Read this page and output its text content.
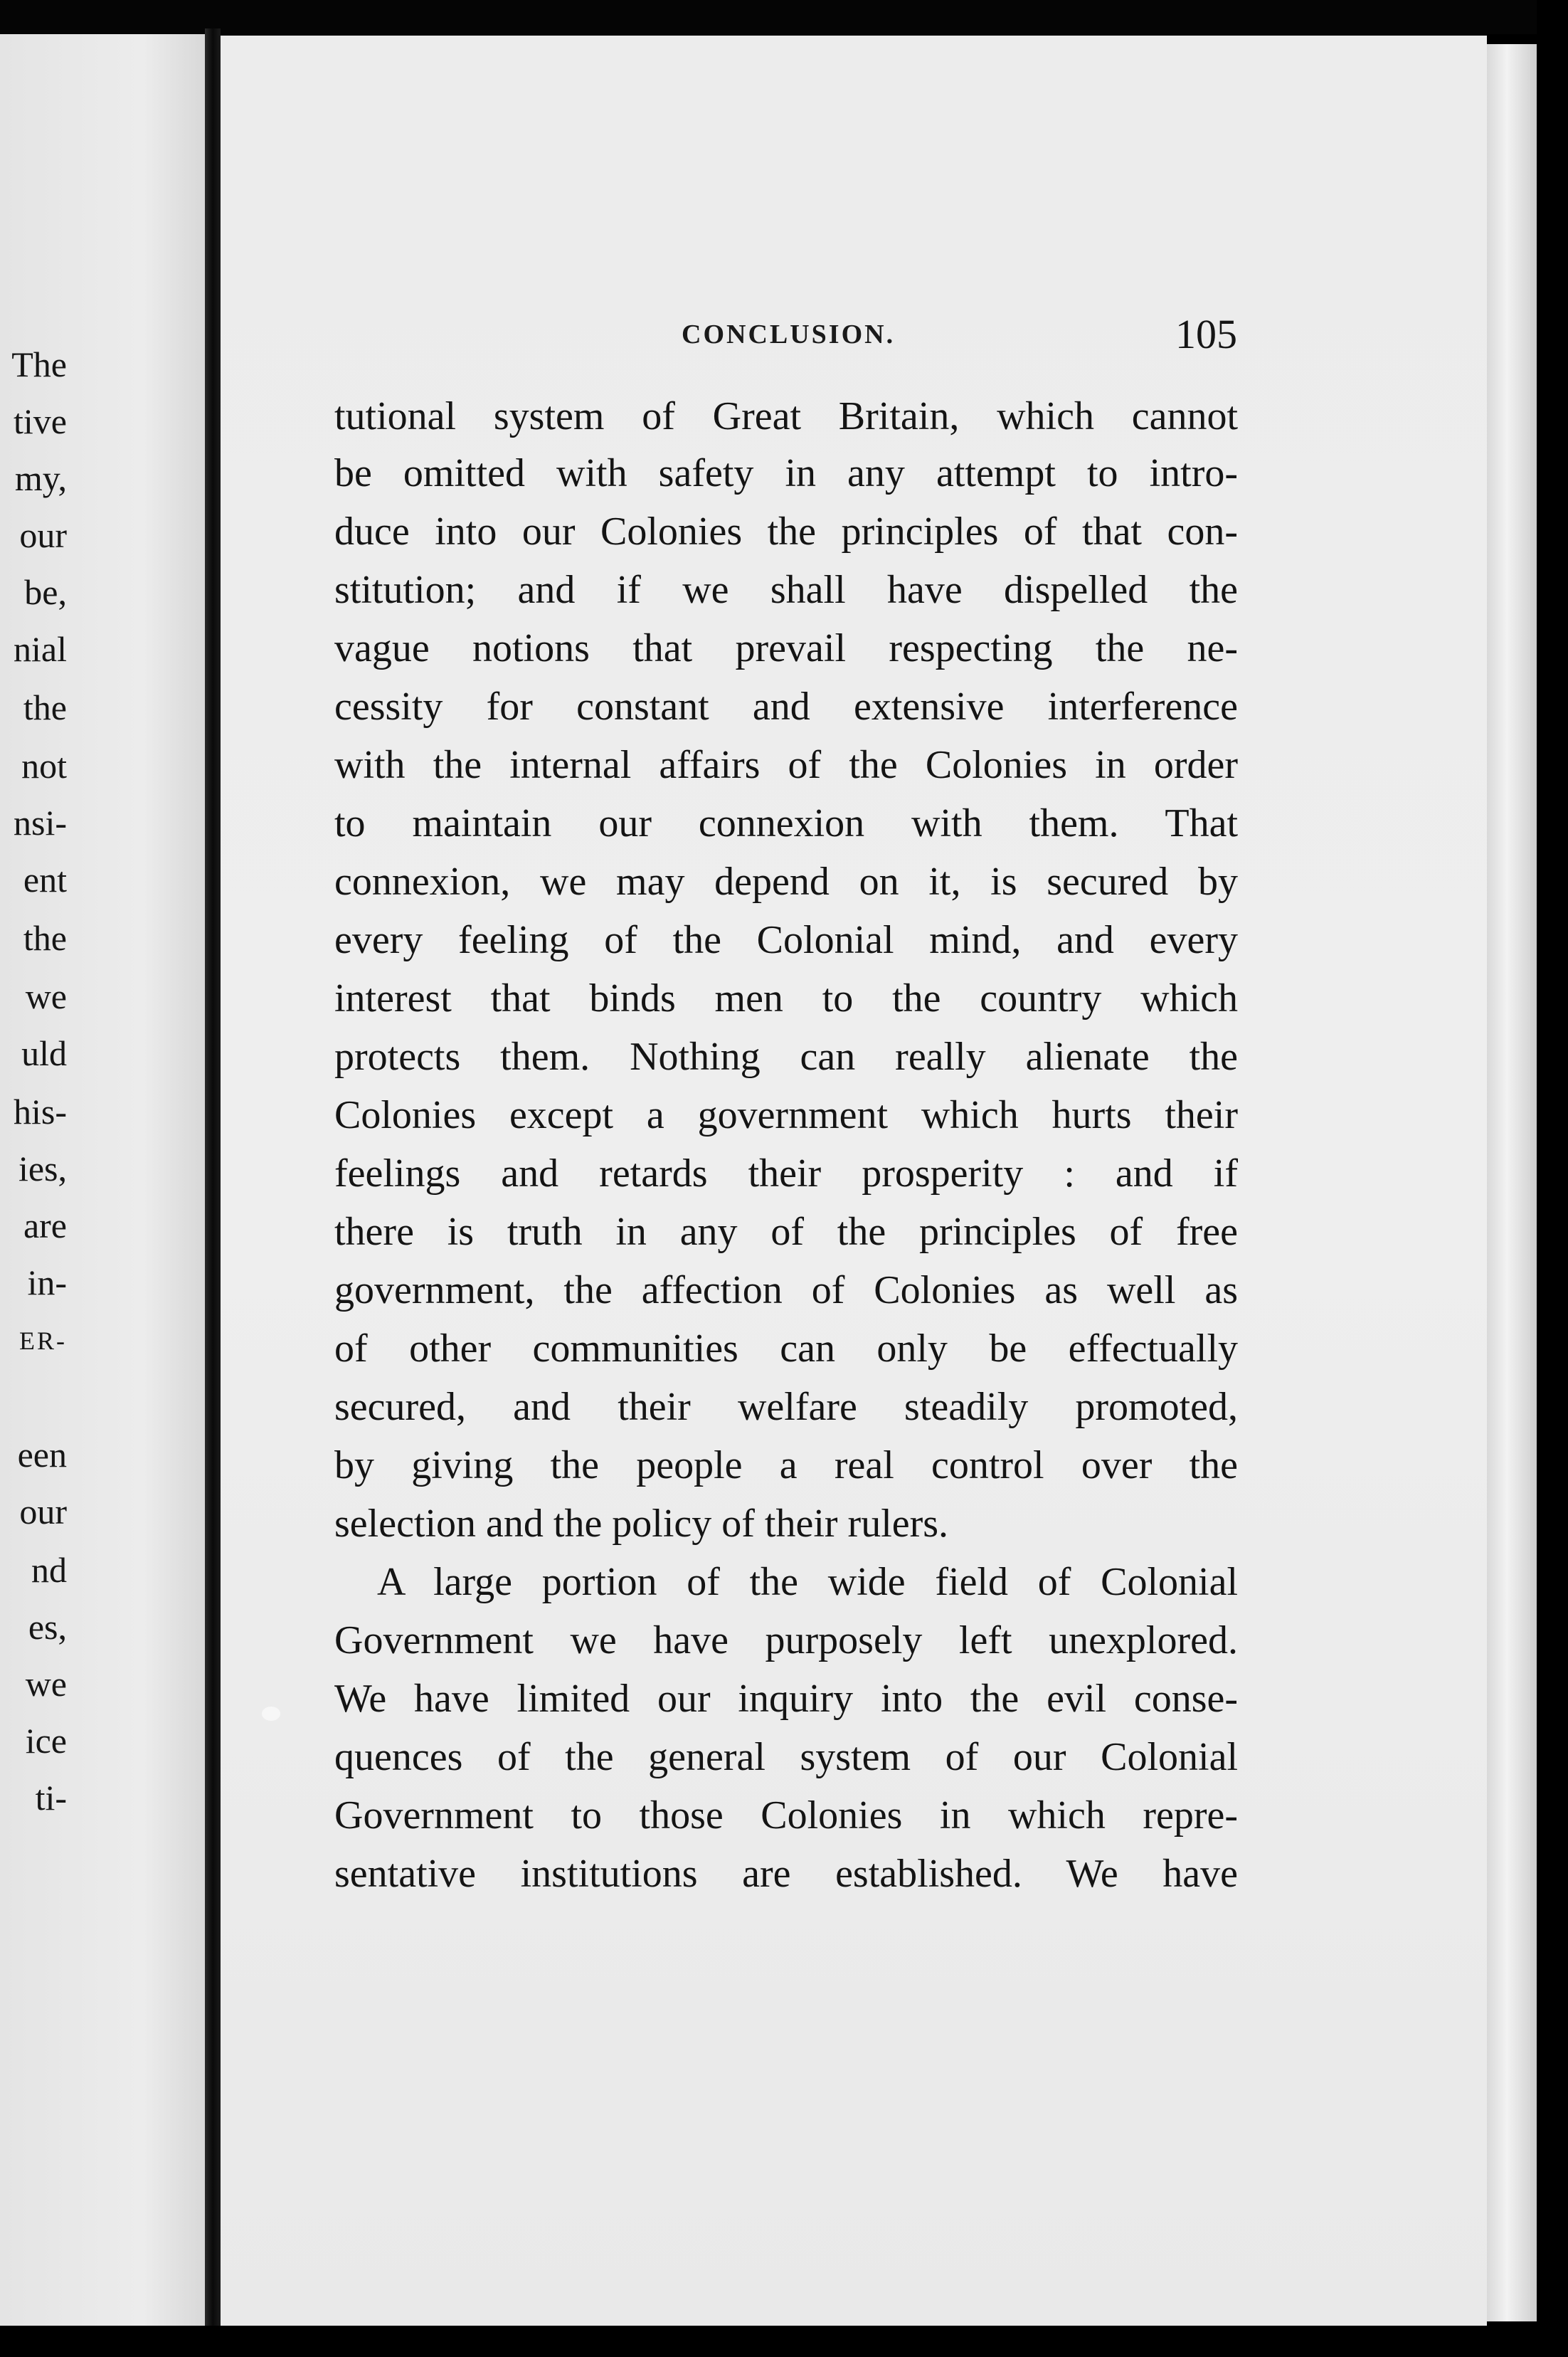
The
tive
my,
our
be,
nial
the
not
nsi-
ent
the
we
uld
his-
ies,
are
in-
ER-
een
our
nd
es,
we
ice
ti-
CONCLUSION.	105
tutional system of Great Britain, which cannot
be omitted with safety in any attempt to intro-
duce into our Colonies the principles of that con-
stitution; and if we shall have dispelled the
vague notions that prevail respecting the ne-
cessity for constant and extensive interference
with the internal affairs of the Colonies in order
to maintain our connexion with them. That
connexion, we may depend on it, is secured by
every feeling of the Colonial mind, and every
interest that binds men to the country which
protects them. Nothing can really alienate the
Colonies except a government which hurts their
feelings and retards their prosperity : and if
there is truth in any of the principles of free
government, the affection of Colonies as well as
of other communities can only be effectually
secured, and their welfare steadily promoted,
by giving the people a real control over the
selection and the policy of their rulers.
A large portion of the wide field of Colonial
Government we have purposely left unexplored.
We have limited our inquiry into the evil conse-
quences of the general system of our Colonial
Government to those Colonies in which repre-
sentative institutions are established. We have
